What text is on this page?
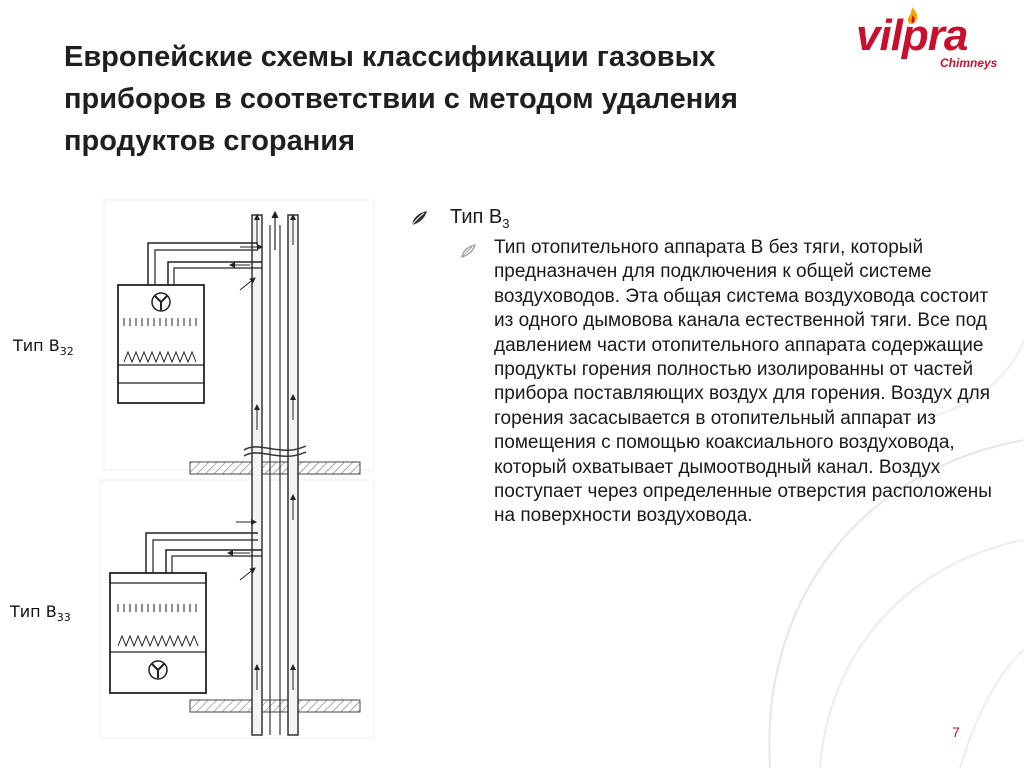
Европейские схемы классификации газовых приборов в соответствии с методом удаления продуктов сгорания
vilpra
Chimneys
Тип $В_{32}$
Тип $В_{33}$
Тип $В_3$
Тип отопительного аппарата В без тяги, который предназначен для подключения к общей системе воздуховодов. Эта общая система воздуховода состоит из одного дымовова канала естественной тяги. Все под давлением части отопительного аппарата содержащие продукты горения полностью изолированны от частей прибора поставляющих воздух для горения. Воздух для горения засасывается в отопительный аппарат из помещения с помощью коаксиального воздуховода, который охватывает дымоотводный канал. Воздух поступает через определенные отверстия расположены на поверхности воздуховода.
7
